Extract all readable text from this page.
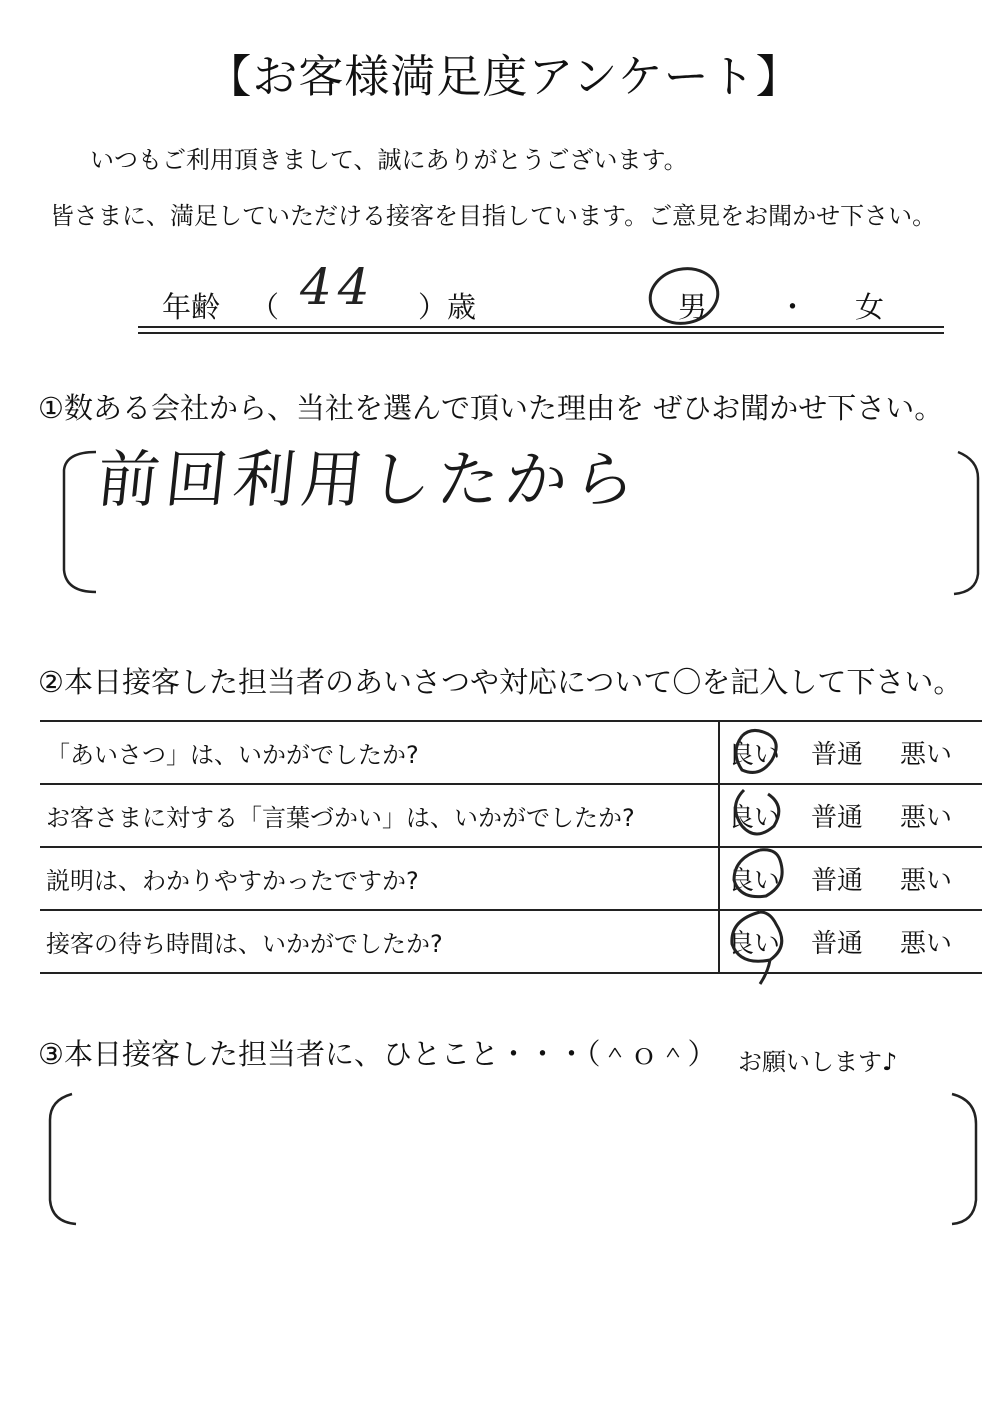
【お客様満足度アンケート】
いつもご利用頂きまして、誠にありがとうございます。
皆さまに、満足していただける接客を目指しています。ご意見をお聞かせ下さい。
年齢 （ 44 ）歳	男 ・ 女
①数ある会社から、当社を選んで頂いた理由を ぜひお聞かせ下さい。
前回利用したから
②本日接客した担当者のあいさつや対応について〇を記入して下さい。
「あいさつ」は、いかがでしたか?	良い 普通 悪い

お客さまに対する「言葉づかい」は、いかがでしたか?	良い 普通 悪い

説明は、わかりやすかったですか?	良い 普通 悪い

接客の待ち時間は、いかがでしたか?	良い 普通 悪い
③本日接客した担当者に、ひとこと・・・（＾ｏ＾） お願いします♪
